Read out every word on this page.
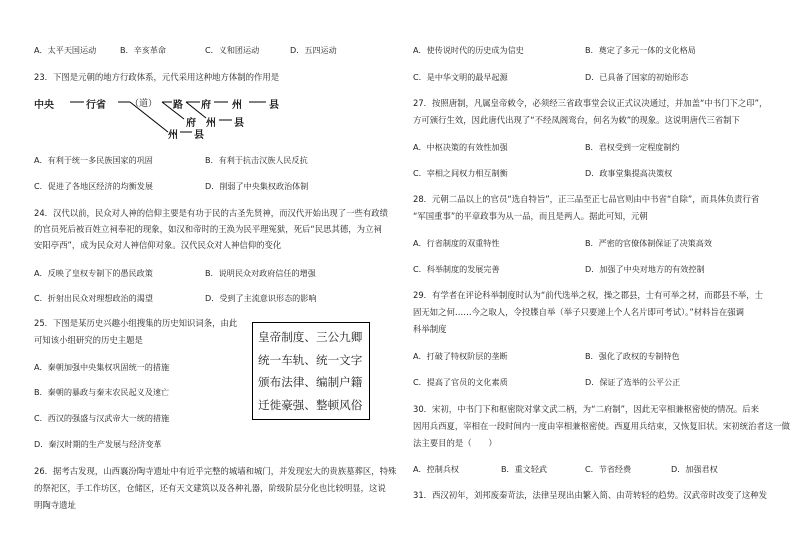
A．太平天国运动	B．辛亥革命	C．义和团运动	D．五四运动
23．下图是元朝的地方行政体系，元代采用这种地方体制的作用是
中央	行省	（道） 路 府 州	县
府 州 县
州 县
A．有利于统一多民族国家的巩固	B．有利于抗击汉族人民反抗
C．促进了各地区经济的均衡发展	D．削弱了中央集权政治体制
24．汉代以前，民众对人神的信仰主要是有功于民的古圣先贤神，而汉代开始出现了一些有政绩
的官员死后被百姓立祠奉祀的现象，如汉和帝时的王涣为民平理冤狱，死后“民思其德，为立祠
安阳亭西”，成为民众对人神信仰对象。汉代民众对人神信仰的变化
A．反映了皇权专制下的愚民政策	B．说明民众对政府信任的增强
C．折射出民众对理想政治的渴望	D．受到了主流意识形态的影响
25．下图是某历史兴趣小组搜集的历史知识词条，由此
可知该小组研究的历史主题是	皇帝制度、三公九卿
统一车轨、统一文字
颁布法律、编制户籍
迁徙豪强、整顿风俗
A．秦朝加强中央集权巩固统一的措施
B．秦朝的暴政与秦末农民起义及速亡
C．西汉的强盛与汉武帝大一统的措施
D．秦汉时期的生产发展与经济变革
26．据考古发现，山西襄汾陶寺遗址中有近乎完整的城墙和城门，并发现宏大的贵族墓葬区，特殊
的祭祀区，手工作坊区，仓储区，还有天文建筑以及各种礼器，阶级阶层分化也比较明显，这说
明陶寺遗址
A．使传说时代的历史成为信史	B．奠定了多元一体的文化格局
C．是中华文明的最早起源	D．已具备了国家的初始形态
27．按照唐制，凡属皇帝敕令，必须经三省政事堂会议正式议决通过，并加盖“中书门下之印”，
方可颁行生效，因此唐代出现了“不经凤阁鸾台，何名为敕”的现象。这说明唐代三省制下
A．中枢决策的有效性加强	B．君权受到一定程度制约
C．宰相之间权力相互制衡	D．政事堂集提高决策权
28．元朝二品以上的官员“选自特旨”，正三品至正七品官则由中书省“自除”，而具体负责行省
“军国重事”的平章政事为从一品，而且是两人。据此可知，元朝
A．行省制度的双重特性	B．严密的官僚体制保证了决策高效
C．科举制度的发展完善	D．加强了中央对地方的有效控制
29．有学者在评论科举制度时认为“前代选举之权，操之郡县，士有可举之材，而郡县不举，士
固无如之何……今之取人，令投牒自举（举子只要递上个人名片即可考试）。”材料旨在强调
科举制度
A．打破了特权阶层的垄断	B．强化了政权的专制特色
C．提高了官员的文化素质	D．保证了选举的公平公正
30．宋初，中书门下和枢密院对掌文武二柄，为“二府制”，因此无宰相兼枢密使的情况。后来
因用兵西夏，宰相在一段时间内一度由宰相兼枢密使。西夏用兵结束，又恢复旧状。宋初统治者这一做
法主要目的是（　　）
A．控制兵权	B．重文轻武	C．节省经费	D．加强君权
31．西汉初年，刘邦废秦苛法，法律呈现出由繁入简、由苛转轻的趋势。汉武帝时改变了这种发
